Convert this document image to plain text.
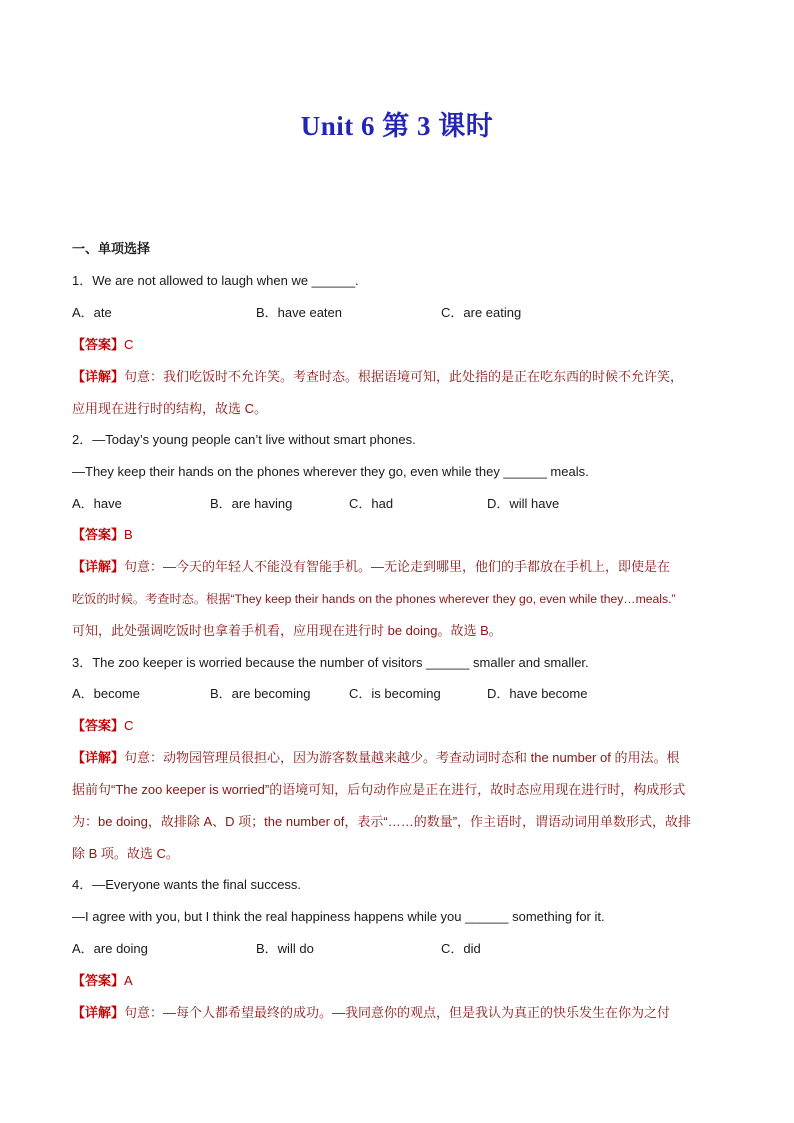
Unit 6 第 3 课时
一、单项选择
1．We are not allowed to laugh when we ______.
A．ate	B．have eaten	C．are eating
【答案】C
【详解】句意：我们吃饭时不允许笑。考查时态。根据语境可知，此处指的是正在吃东西的时候不允许笑，
应用现在进行时的结构，故选 C。
2．—Today’s young people can’t live without smart phones.
—They keep their hands on the phones wherever they go, even while they ______ meals.
A．have	B．are having	C．had	D．will have
【答案】B
【详解】句意：—今天的年轻人不能没有智能手机。—无论走到哪里，他们的手都放在手机上，即使是在
吃饭的时候。考查时态。根据“They keep their hands on the phones wherever they go, even while they…meals.”
可知，此处强调吃饭时也拿着手机看，应用现在进行时 be doing。故选 B。
3．The zoo keeper is worried because the number of visitors ______ smaller and smaller.
A．become	B．are becoming	C．is becoming	D．have become
【答案】C
【详解】句意：动物园管理员很担心，因为游客数量越来越少。考查动词时态和 the number of 的用法。根
据前句“The zoo keeper is worried”的语境可知，后句动作应是正在进行，故时态应用现在进行时，构成形式
为：be doing，故排除 A、D 项；the number of，表示“……的数量”，作主语时，谓语动词用单数形式，故排
除 B 项。故选 C。
4．—Everyone wants the final success.
—I agree with you, but I think the real happiness happens while you ______ something for it.
A．are doing	B．will do	C．did
【答案】A
【详解】句意：—每个人都希望最终的成功。—我同意你的观点，但是我认为真正的快乐发生在你为之付
